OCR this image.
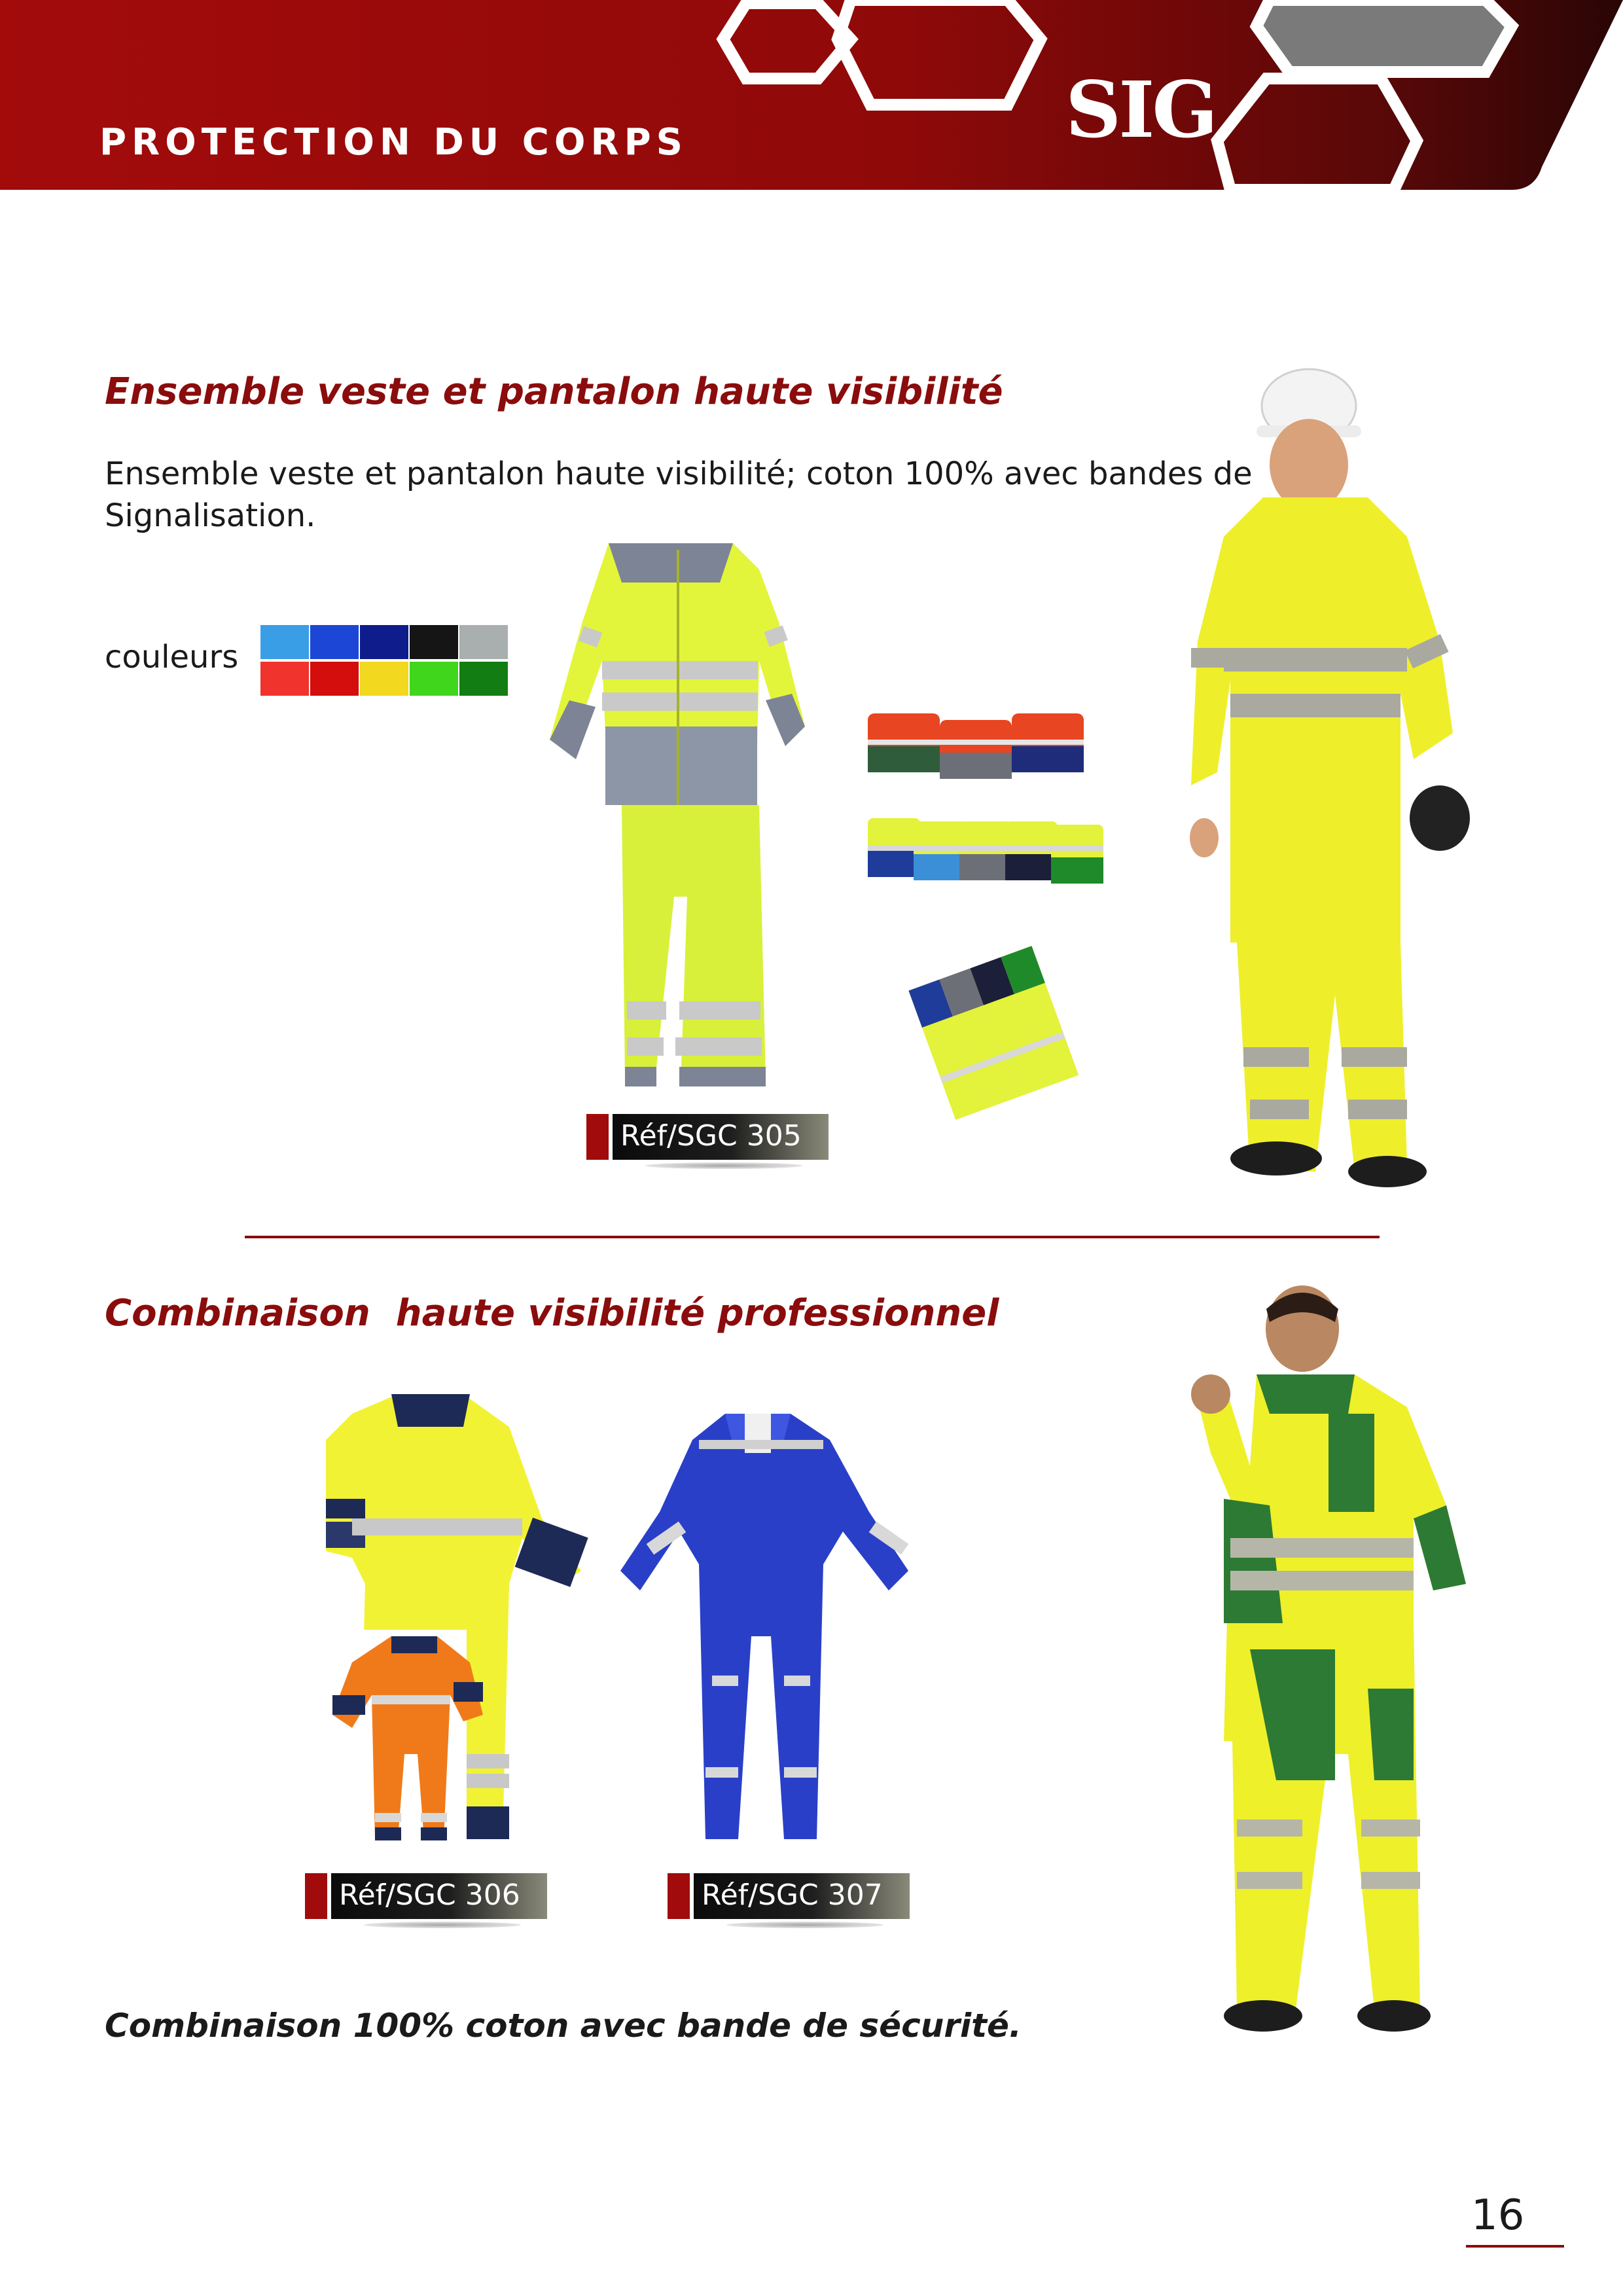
PROTECTION DU CORPS	SIG
Ensemble veste et pantalon haute visibilité
Ensemble veste et pantalon haute visibilité; coton 100% avec bandes de Signalisation.
couleurs
Réf/SGC 305
Combinaison  haute visibilité professionnel
Réf/SGC 306	Réf/SGC 307
Combinaison 100% coton avec bande de sécurité.
16
